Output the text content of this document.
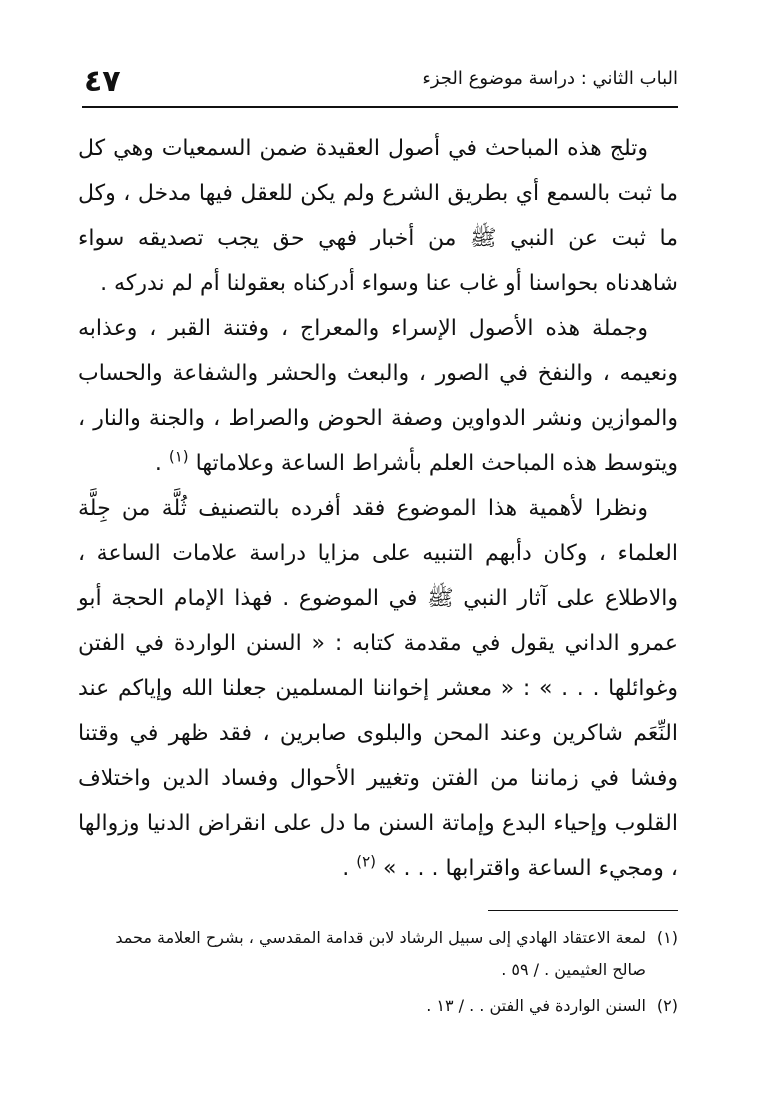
٤٧	الباب الثاني : دراسة موضوع الجزء

وتلج هذه المباحث في أصول العقيدة ضمن السمعيات وهي كل ما ثبت بالسمع أي بطريق الشرع ولم يكن للعقل فيها مدخل ، وكل ما ثبت عن النبي ﷺ من أخبار فهي حق يجب تصديقه سواء شاهدناه بحواسنا أو غاب عنا وسواء أدركناه بعقولنا أم لم ندركه .

وجملة هذه الأصول الإسراء والمعراج ، وفتنة القبر ، وعذابه ونعيمه ، والنفخ في الصور ، والبعث والحشر والشفاعة والحساب والموازين ونشر الدواوين وصفة الحوض والصراط ، والجنة والنار ، ويتوسط هذه المباحث العلم بأشراط الساعة وعلاماتها $^{(١)}$ .

ونظرا لأهمية هذا الموضوع فقد أفرده بالتصنيف ثُلَّة من جِلَّة العلماء ، وكان دأبهم التنبيه على مزايا دراسة علامات الساعة ، والاطلاع على آثار النبي ﷺ في الموضوع . فهذا الإمام الحجة أبو عمرو الداني يقول في مقدمة كتابه : « السنن الواردة في الفتن وغوائلها . . . » : « معشر إخواننا المسلمين جعلنا الله وإياكم عند النِّعَم شاكرين وعند المحن والبلوى صابرين ، فقد ظهر في وقتنا وفشا في زماننا من الفتن وتغيير الأحوال وفساد الدين واختلاف القلوب وإحياء البدع وإماتة السنن ما دل على انقراض الدنيا وزوالها ، ومجيء الساعة واقترابها . . . » $^{(٢)}$ .

(١)
لمعة الاعتقاد الهادي إلى سبيل الرشاد لابن قدامة المقدسي ، بشرح العلامة محمد صالح العثيمين . / ٥٩ .

(٢)
السنن الواردة في الفتن . . / ١٣ .
